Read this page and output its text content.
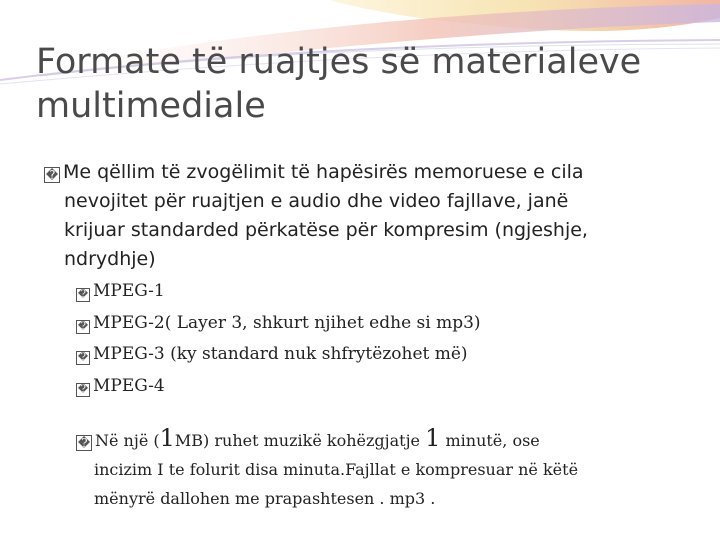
Formate të ruajtjes së materialeve
multimediale
� Me qëllim të zvogëlimit të hapësirës memoruese e cila
nevojitet për ruajtjen e audio dhe video fajllave, janë
krijuar standarded përkatëse për kompresim (ngjeshje,
ndrydhje)
� MPEG-1
� MPEG-2( Layer 3, shkurt njihet edhe si mp3)
� MPEG-3 (ky standard nuk shfrytëzohet më)
� MPEG-4
� Në një (1MB) ruhet muzikë kohëzgjatje 1 minutë, ose
incizim I te folurit disa minuta.Fajllat e kompresuar në këtë
mënyrë dallohen me prapashtesen . mp3 .
